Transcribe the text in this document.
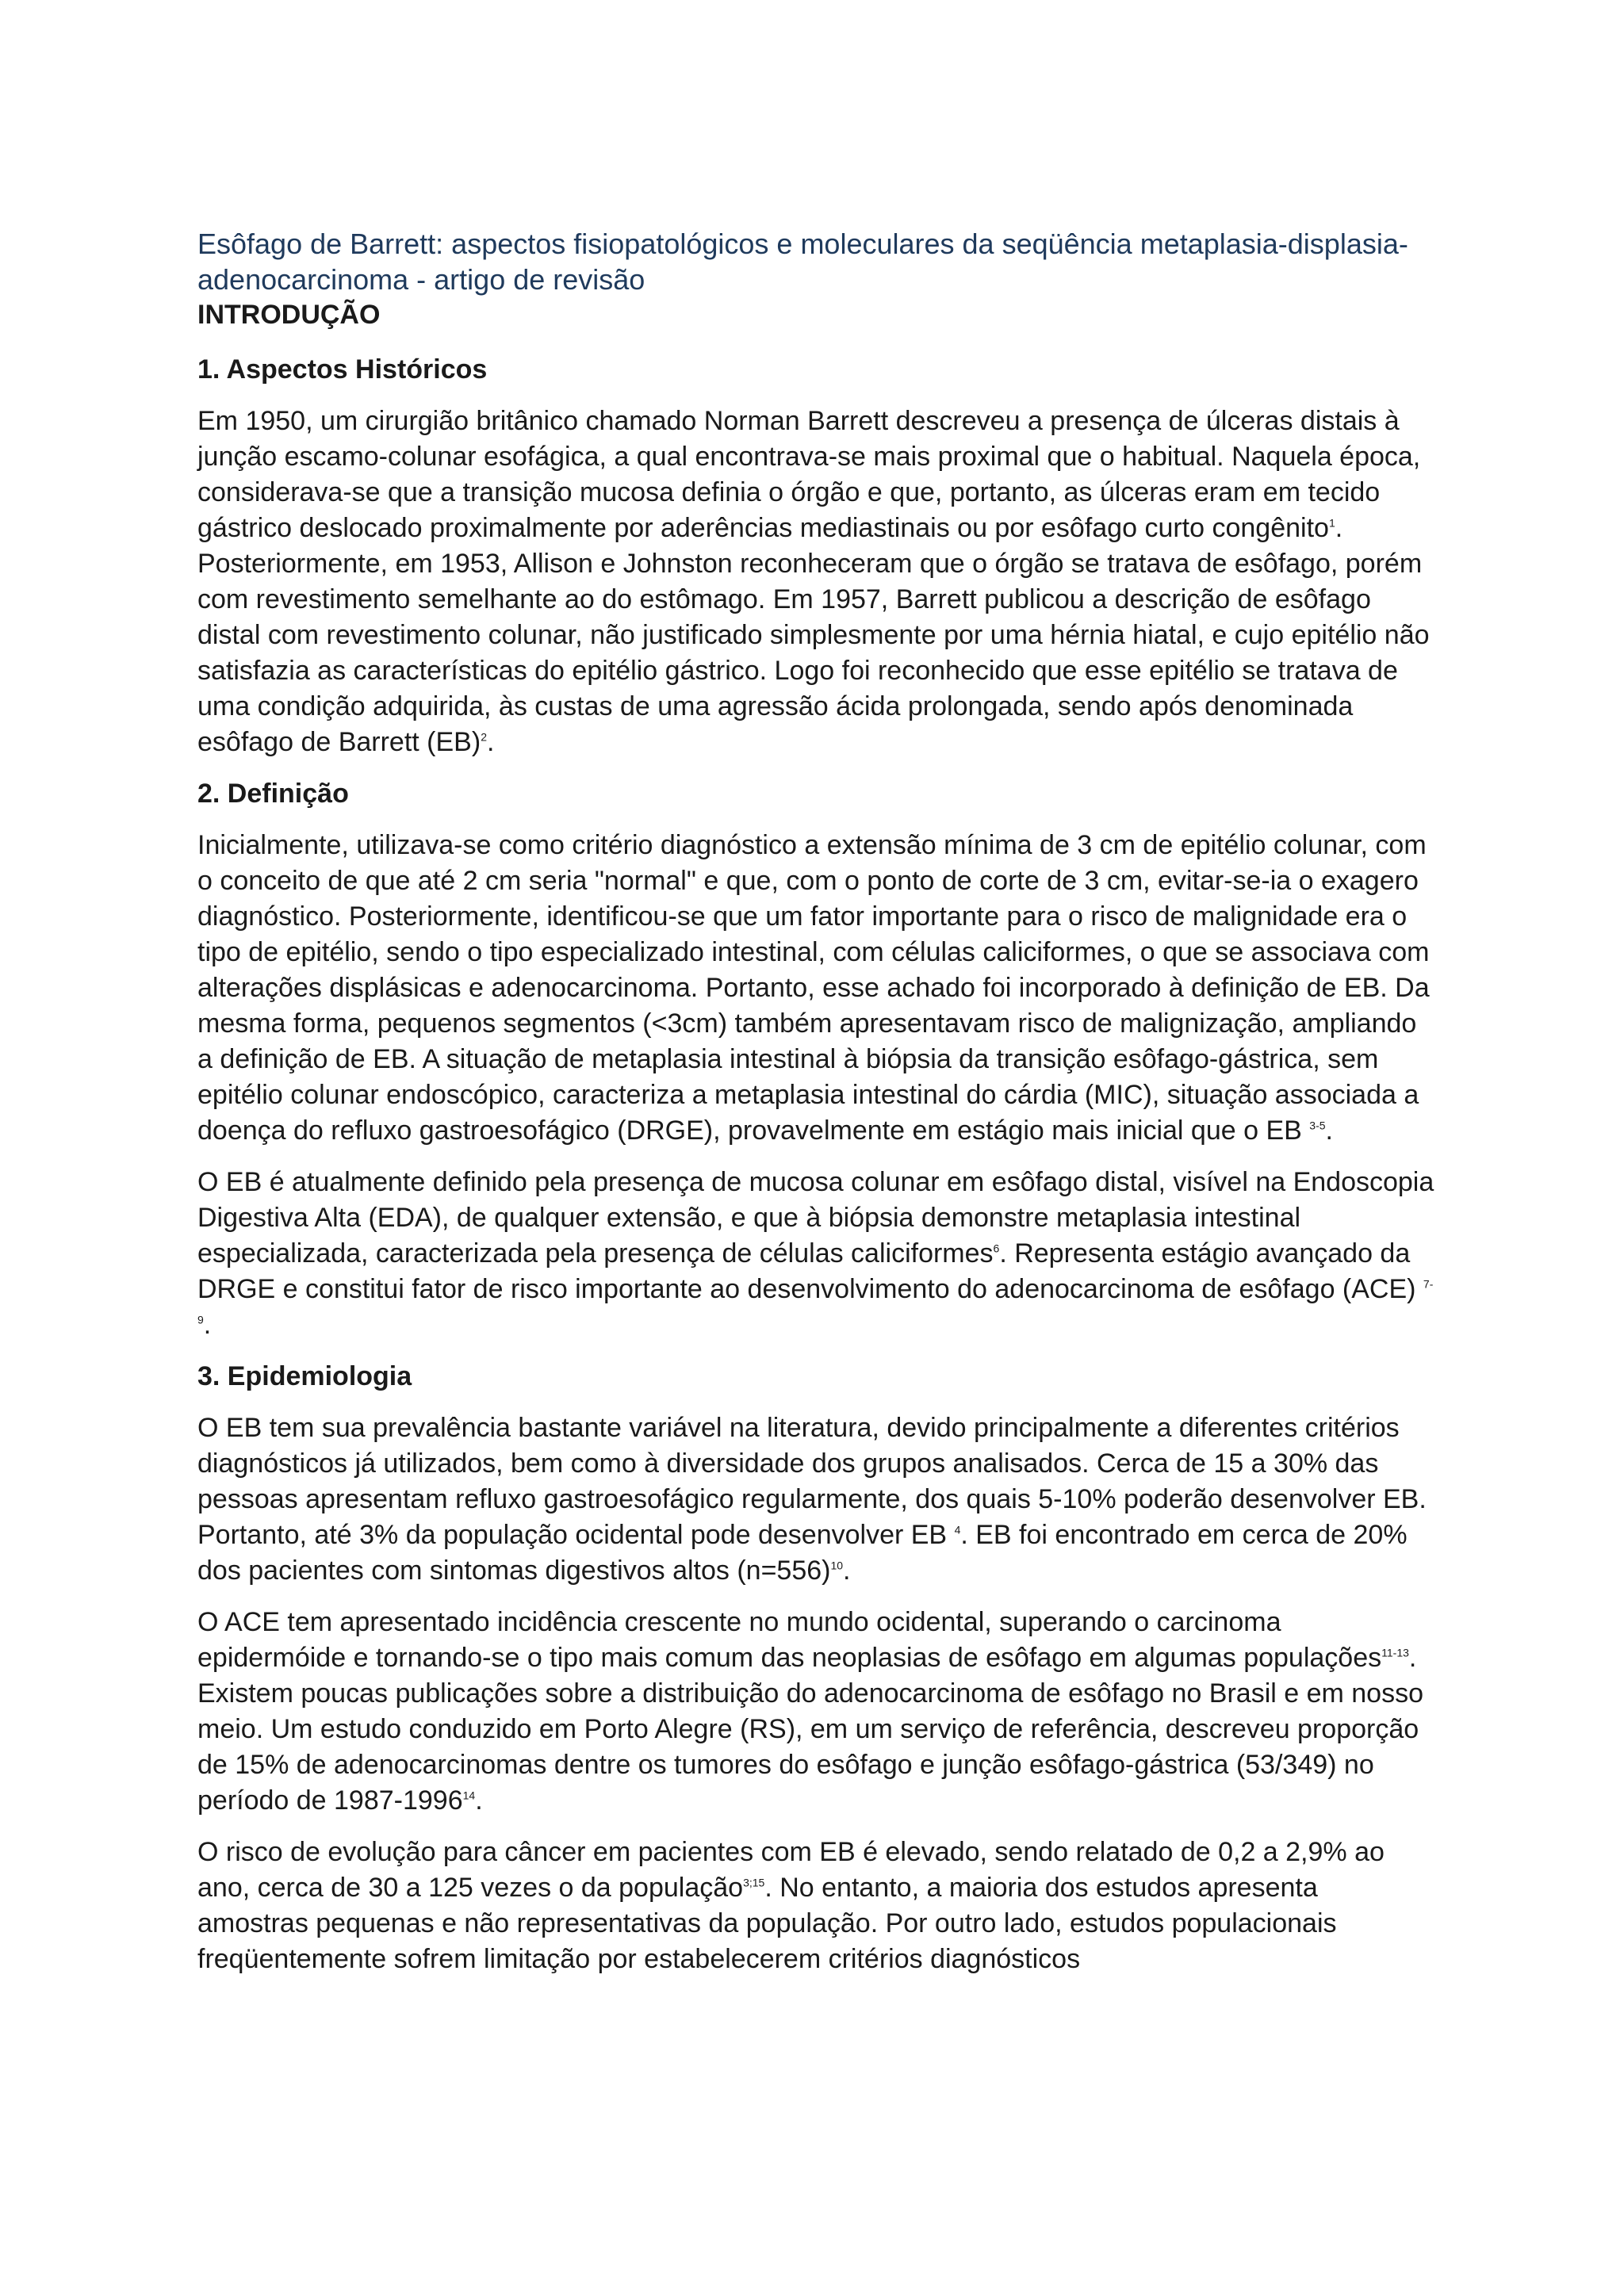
Esôfago de Barrett: aspectos fisiopatológicos e moleculares da seqüência metaplasia-displasia-adenocarcinoma - artigo de revisão
INTRODUÇÃO
1. Aspectos Históricos

Em 1950, um cirurgião britânico chamado Norman Barrett descreveu a presença de úlceras distais à junção escamo-colunar esofágica, a qual encontrava-se mais proximal que o habitual. Naquela época, considerava-se que a transição mucosa definia o órgão e que, portanto, as úlceras eram em tecido gástrico deslocado proximalmente por aderências mediastinais ou por esôfago curto congênito$^1$. Posteriormente, em 1953, Allison e Johnston reconheceram que o órgão se tratava de esôfago, porém com revestimento semelhante ao do estômago. Em 1957, Barrett publicou a descrição de esôfago distal com revestimento colunar, não justificado simplesmente por uma hérnia hiatal, e cujo epitélio não satisfazia as características do epitélio gástrico. Logo foi reconhecido que esse epitélio se tratava de uma condição adquirida, às custas de uma agressão ácida prolongada, sendo após denominada esôfago de Barrett (EB)$^2$.

2. Definição

Inicialmente, utilizava-se como critério diagnóstico a extensão mínima de 3 cm de epitélio colunar, com o conceito de que até 2 cm seria "normal" e que, com o ponto de corte de 3 cm, evitar-se-ia o exagero diagnóstico. Posteriormente, identificou-se que um fator importante para o risco de malignidade era o tipo de epitélio, sendo o tipo especializado intestinal, com células caliciformes, o que se associava com alterações displásicas e adenocarcinoma. Portanto, esse achado foi incorporado à definição de EB. Da mesma forma, pequenos segmentos (<3cm) também apresentavam risco de malignização, ampliando a definição de EB. A situação de metaplasia intestinal à biópsia da transição esôfago-gástrica, sem epitélio colunar endoscópico, caracteriza a metaplasia intestinal do cárdia (MIC), situação associada a doença do refluxo gastroesofágico (DRGE), provavelmente em estágio mais inicial que o EB $^{3-5}$.

O EB é atualmente definido pela presença de mucosa colunar em esôfago distal, visível na Endoscopia Digestiva Alta (EDA), de qualquer extensão, e que à biópsia demonstre metaplasia intestinal especializada, caracterizada pela presença de células caliciformes$^6$. Representa estágio avançado da DRGE e constitui fator de risco importante ao desenvolvimento do adenocarcinoma de esôfago (ACE) $^{7-9}$.

3. Epidemiologia

O EB tem sua prevalência bastante variável na literatura, devido principalmente a diferentes critérios diagnósticos já utilizados, bem como à diversidade dos grupos analisados. Cerca de 15 a 30% das pessoas apresentam refluxo gastroesofágico regularmente, dos quais 5-10% poderão desenvolver EB. Portanto, até 3% da população ocidental pode desenvolver EB $^4$. EB foi encontrado em cerca de 20% dos pacientes com sintomas digestivos altos (n=556)$^{10}$.

O ACE tem apresentado incidência crescente no mundo ocidental, superando o carcinoma epidermóide e tornando-se o tipo mais comum das neoplasias de esôfago em algumas populações$^{11-13}$. Existem poucas publicações sobre a distribuição do adenocarcinoma de esôfago no Brasil e em nosso meio. Um estudo conduzido em Porto Alegre (RS), em um serviço de referência, descreveu proporção de 15% de adenocarcinomas dentre os tumores do esôfago e junção esôfago-gástrica (53/349) no período de 1987-1996$^{14}$.

O risco de evolução para câncer em pacientes com EB é elevado, sendo relatado de 0,2 a 2,9% ao ano, cerca de 30 a 125 vezes o da população$^{3;15}$. No entanto, a maioria dos estudos apresenta amostras pequenas e não representativas da população. Por outro lado, estudos populacionais freqüentemente sofrem limitação por estabelecerem critérios diagnósticos
